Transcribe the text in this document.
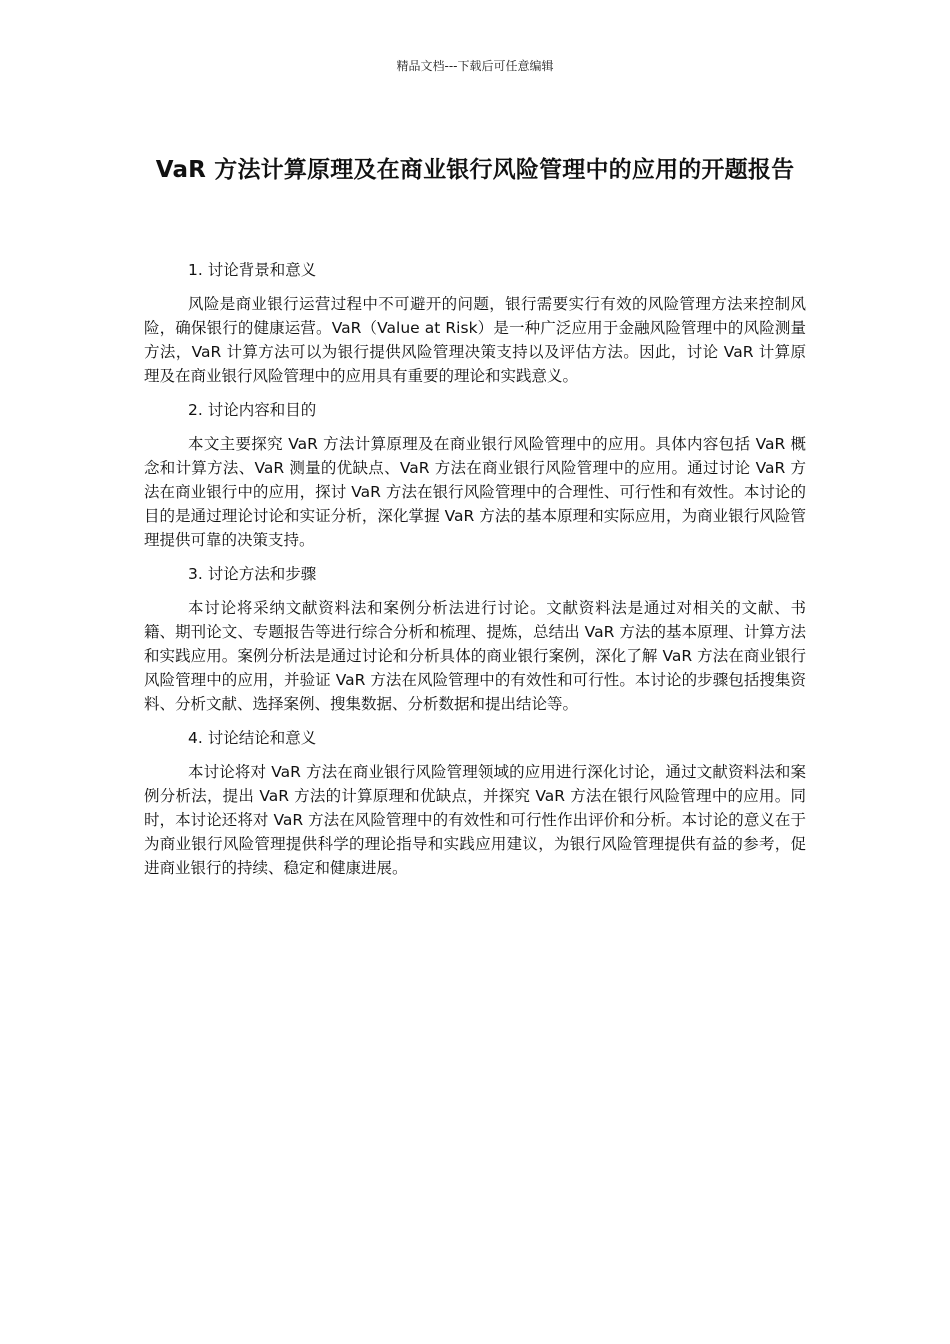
精品文档---下载后可任意编辑
VaR 方法计算原理及在商业银行风险管理中的应用的开题报告

1. 讨论背景和意义

风险是商业银行运营过程中不可避开的问题，银行需要实行有效的风险管理方法来控制风险，确保银行的健康运营。VaR（Value at Risk）是一种广泛应用于金融风险管理中的风险测量方法，VaR 计算方法可以为银行提供风险管理决策支持以及评估方法。因此，讨论 VaR 计算原理及在商业银行风险管理中的应用具有重要的理论和实践意义。

2. 讨论内容和目的

本文主要探究 VaR 方法计算原理及在商业银行风险管理中的应用。具体内容包括 VaR 概念和计算方法、VaR 测量的优缺点、VaR 方法在商业银行风险管理中的应用。通过讨论 VaR 方法在商业银行中的应用，探讨 VaR 方法在银行风险管理中的合理性、可行性和有效性。本讨论的目的是通过理论讨论和实证分析，深化掌握 VaR 方法的基本原理和实际应用，为商业银行风险管理提供可靠的决策支持。

3. 讨论方法和步骤

本讨论将采纳文献资料法和案例分析法进行讨论。文献资料法是通过对相关的文献、书籍、期刊论文、专题报告等进行综合分析和梳理、提炼，总结出 VaR 方法的基本原理、计算方法和实践应用。案例分析法是通过讨论和分析具体的商业银行案例，深化了解 VaR 方法在商业银行风险管理中的应用，并验证 VaR 方法在风险管理中的有效性和可行性。本讨论的步骤包括搜集资料、分析文献、选择案例、搜集数据、分析数据和提出结论等。

4. 讨论结论和意义

本讨论将对 VaR 方法在商业银行风险管理领域的应用进行深化讨论，通过文献资料法和案例分析法，提出 VaR 方法的计算原理和优缺点，并探究 VaR 方法在银行风险管理中的应用。同时，本讨论还将对 VaR 方法在风险管理中的有效性和可行性作出评价和分析。本讨论的意义在于为商业银行风险管理提供科学的理论指导和实践应用建议，为银行风险管理提供有益的参考，促进商业银行的持续、稳定和健康进展。
